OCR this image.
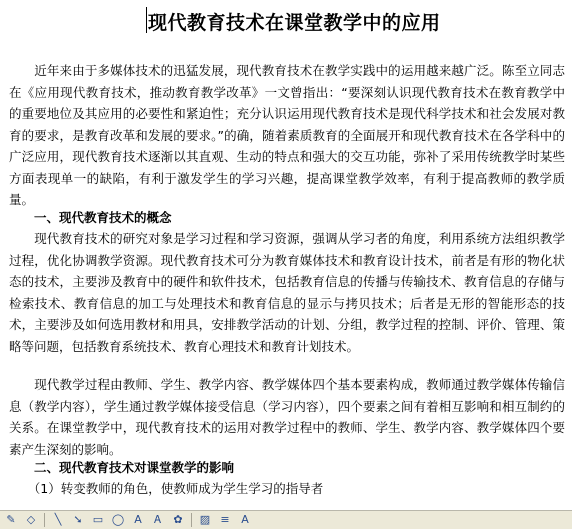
现代教育技术在课堂教学中的应用

　　近年来由于多媒体技术的迅猛发展，现代教育技术在教学实践中的运用越来越广泛。陈至立同志在《应用现代教育技术，推动教育教学改革》一文曾指出：“要深刻认识现代教育技术在教育教学中的重要地位及其应用的必要性和紧迫性；充分认识运用现代教育技术是现代科学技术和社会发展对教育的要求，是教育改革和发展的要求。”的确，随着素质教育的全面展开和现代教育技术在各学科中的广泛应用，现代教育技术逐渐以其直观、生动的特点和强大的交互功能，弥补了采用传统教学时某些方面表现单一的缺陷，有利于激发学生的学习兴趣，提高课堂教学效率，有利于提高教师的教学质量。

　　一、现代教育技术的概念

　　现代教育技术的研究对象是学习过程和学习资源，强调从学习者的角度，利用系统方法组织教学过程，优化协调教学资源。现代教育技术可分为教育媒体技术和教育设计技术，前者是有形的物化状态的技术，主要涉及教育中的硬件和软件技术，包括教育信息的传播与传输技术、教育信息的存储与检索技术、教育信息的加工与处理技术和教育信息的显示与拷贝技术；后者是无形的智能形态的技术，主要涉及如何选用教材和用具，安排教学活动的计划、分组，教学过程的控制、评价、管理、策略等问题，包括教育系统技术、教育心理技术和教育计划技术。

　　现代教学过程由教师、学生、教学内容、教学媒体四个基本要素构成，教师通过教学媒体传输信息（教学内容），学生通过教学媒体接受信息（学习内容），四个要素之间有着相互影响和相互制约的关系。在课堂教学中，现代教育技术的运用对教学过程中的教师、学生、教学内容、教学媒体四个要素产生深刻的影响。

　　二、现代教育技术对课堂教学的影响
　　（1）转变教师的角色，使教师成为学生学习的指导者
✎ ◇	╲	➘ ▭ ◯ A Ꭺ ✿ ▨ ≡ A
